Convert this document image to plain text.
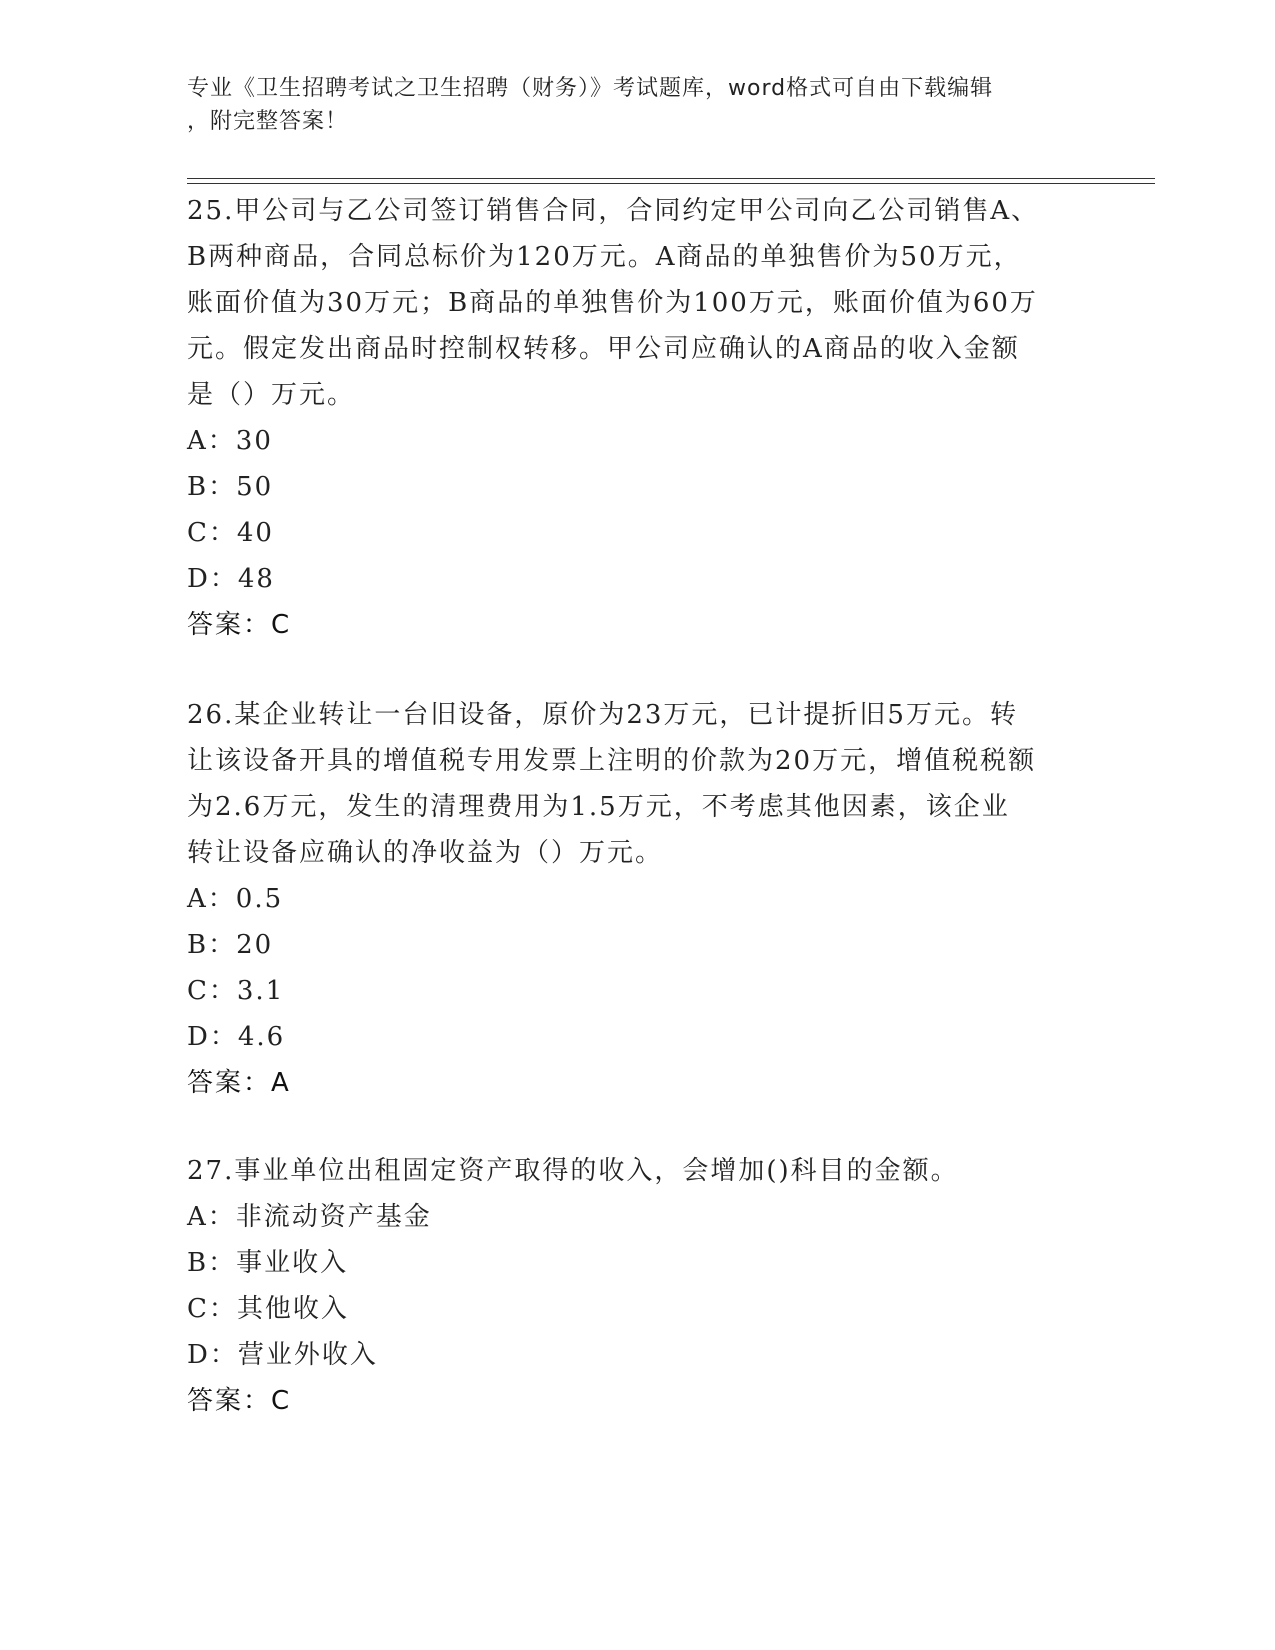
专业《卫生招聘考试之卫生招聘（财务）》考试题库，word格式可自由下载编辑
，附完整答案！
25.甲公司与乙公司签订销售合同，合同约定甲公司向乙公司销售A、
B两种商品，合同总标价为120万元。A商品的单独售价为50万元，
账面价值为30万元；B商品的单独售价为100万元，账面价值为60万
元。假定发出商品时控制权转移。甲公司应确认的A商品的收入金额
是（）万元。
A：30
B：50
C：40
D：48
答案：C
26.某企业转让一台旧设备，原价为23万元，已计提折旧5万元。转
让该设备开具的增值税专用发票上注明的价款为20万元，增值税税额
为2.6万元，发生的清理费用为1.5万元，不考虑其他因素，该企业
转让设备应确认的净收益为（）万元。
A：0.5
B：20
C：3.1
D：4.6
答案：A
27.事业单位出租固定资产取得的收入，会增加()科目的金额。
A：非流动资产基金
B：事业收入
C：其他收入
D：营业外收入
答案：C
